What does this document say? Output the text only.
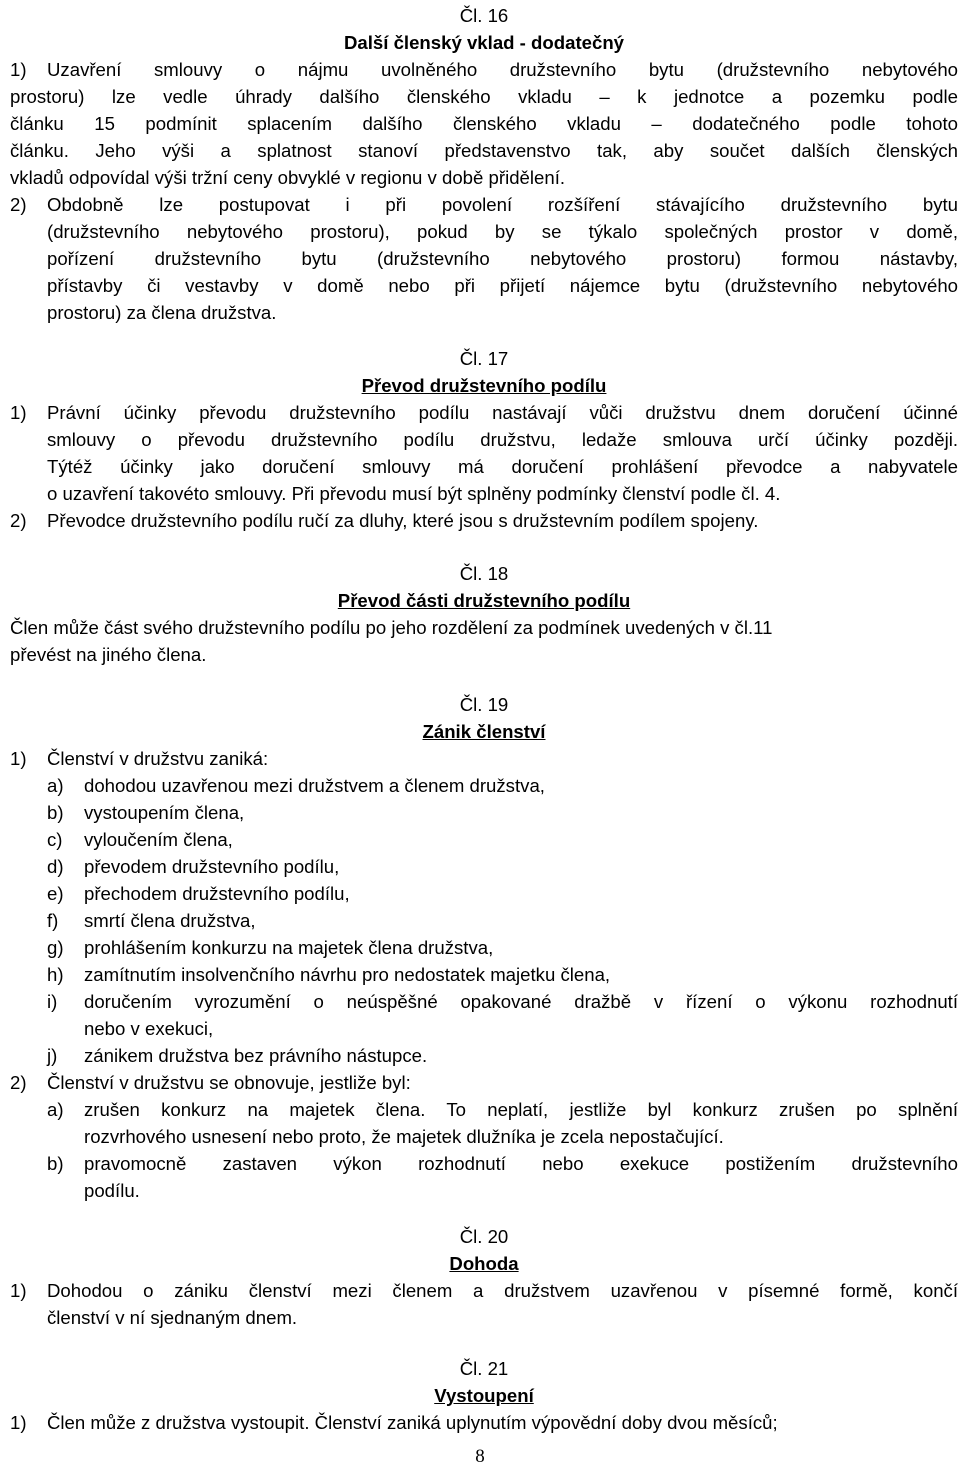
Čl. 16
Další členský vklad - dodatečný
1) Uzavření smlouvy o nájmu uvolněného družstevního bytu (družstevního nebytového
prostoru) lze vedle úhrady dalšího členského vkladu – k jednotce a pozemku podle
článku 15 podmínit splacením dalšího členského vkladu – dodatečného podle tohoto
článku. Jeho výši a splatnost stanoví představenstvo tak, aby součet dalších členských
vkladů odpovídal výši tržní ceny obvyklé v regionu v době přidělení.
2) Obdobně lze postupovat i při povolení rozšíření stávajícího družstevního bytu
(družstevního nebytového prostoru), pokud by se týkalo společných prostor v domě,
pořízení družstevního bytu (družstevního nebytového prostoru) formou nástavby,
přístavby či vestavby v domě nebo při přijetí nájemce bytu (družstevního nebytového
prostoru) za člena družstva.
Čl. 17
Převod družstevního podílu
1) Právní účinky převodu družstevního podílu nastávají vůči družstvu dnem doručení účinné
smlouvy o převodu družstevního podílu družstvu, ledaže smlouva určí účinky později.
Týtéž účinky jako doručení smlouvy má doručení prohlášení převodce a nabyvatele
o uzavření takovéto smlouvy. Při převodu musí být splněny podmínky členství podle čl. 4.
2) Převodce družstevního podílu ručí za dluhy, které jsou s družstevním podílem spojeny.
Čl. 18
Převod části družstevního podílu
Člen může část svého družstevního podílu po jeho rozdělení za podmínek uvedených v čl.11
převést na jiného člena.
Čl. 19
Zánik členství
1) Členství v družstvu zaniká:
a) dohodou uzavřenou mezi družstvem a členem družstva,
b) vystoupením člena,
c) vyloučením člena,
d) převodem družstevního podílu,
e) přechodem družstevního podílu,
f) smrtí člena družstva,
g) prohlášením konkurzu na majetek člena družstva,
h) zamítnutím insolvenčního návrhu pro nedostatek majetku člena,
i) doručením vyrozumění o neúspěšné opakované dražbě v řízení o výkonu rozhodnutí
nebo v exekuci,
j) zánikem družstva bez právního nástupce.
2) Členství v družstvu se obnovuje, jestliže byl:
a) zrušen konkurz na majetek člena. To neplatí, jestliže byl konkurz zrušen po splnění
rozvrhového usnesení nebo proto, že majetek dlužníka je zcela nepostačující.
b) pravomocně zastaven výkon rozhodnutí nebo exekuce postižením družstevního
podílu.
Čl. 20
Dohoda
1) Dohodou o zániku členství mezi členem a družstvem uzavřenou v písemné formě, končí
členství v ní sjednaným dnem.
Čl. 21
Vystoupení
1) Člen může z družstva vystoupit. Členství zaniká uplynutím výpovědní doby dvou měsíců;
8
